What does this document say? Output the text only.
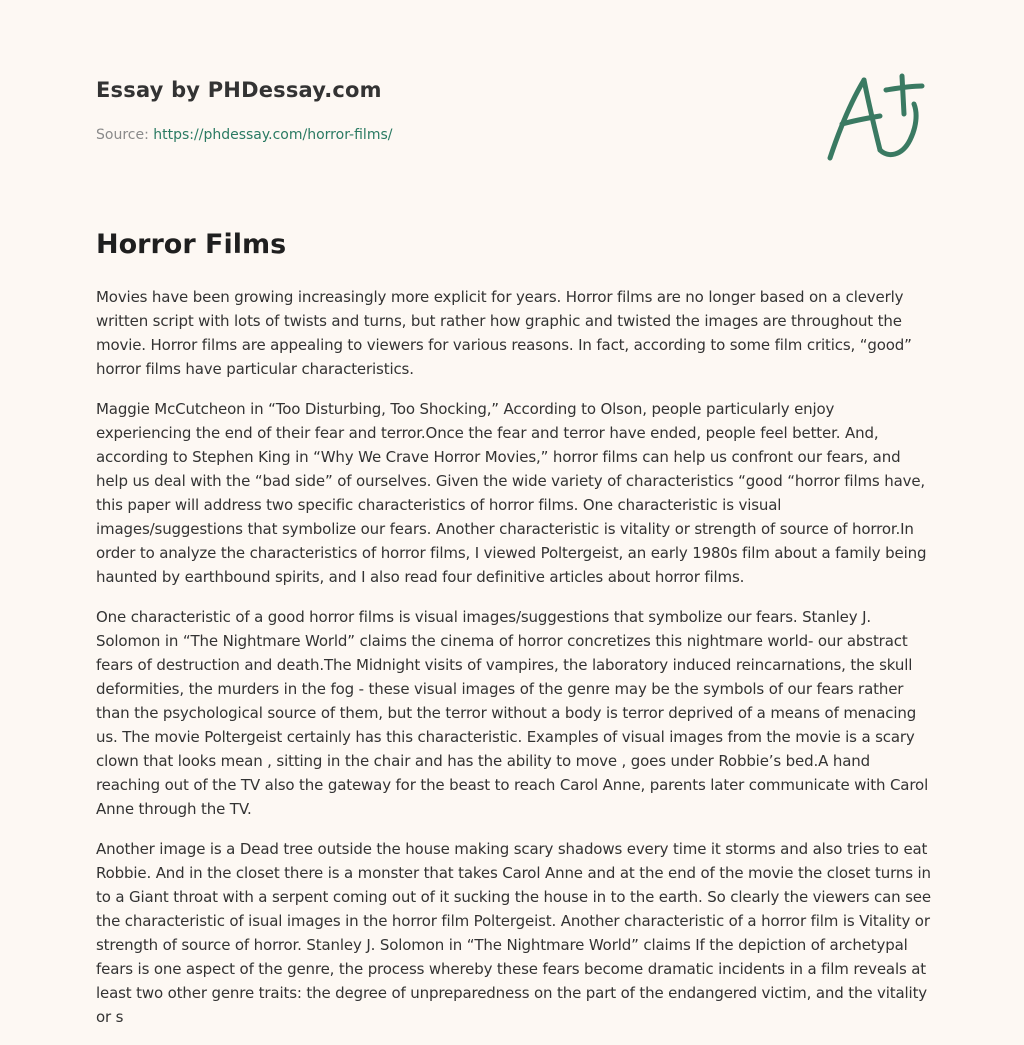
Essay by PHDessay.com
Source: https://phdessay.com/horror-films/
Horror Films

Movies have been growing increasingly more explicit for years. Horror films are no longer based on a cleverly written script with lots of twists and turns, but rather how graphic and twisted the images are throughout the movie. Horror films are appealing to viewers for various reasons. In fact, according to some film critics, “good” horror films have particular characteristics.

Maggie McCutcheon in “Too Disturbing, Too Shocking,” According to Olson, people particularly enjoy experiencing the end of their fear and terror.Once the fear and terror have ended, people feel better. And, according to Stephen King in “Why We Crave Horror Movies,” horror films can help us confront our fears, and help us deal with the “bad side” of ourselves. Given the wide variety of characteristics “good “horror films have, this paper will address two specific characteristics of horror films. One characteristic is visual images/suggestions that symbolize our fears. Another characteristic is vitality or strength of source of horror.In order to analyze the characteristics of horror films, I viewed Poltergeist, an early 1980s film about a family being haunted by earthbound spirits, and I also read four definitive articles about horror films.

One characteristic of a good horror films is visual images/suggestions that symbolize our fears. Stanley J. Solomon in “The Nightmare World” claims the cinema of horror concretizes this nightmare world- our abstract fears of destruction and death.The Midnight visits of vampires, the laboratory induced reincarnations, the skull deformities, the murders in the fog - these visual images of the genre may be the symbols of our fears rather than the psychological source of them, but the terror without a body is terror deprived of a means of menacing us. The movie Poltergeist certainly has this characteristic. Examples of visual images from the movie is a scary clown that looks mean , sitting in the chair and has the ability to move , goes under Robbie’s bed.A hand reaching out of the TV also the gateway for the beast to reach Carol Anne, parents later communicate with Carol Anne through the TV.

Another image is a Dead tree outside the house making scary shadows every time it storms and also tries to eat Robbie. And in the closet there is a monster that takes Carol Anne and at the end of the movie the closet turns in to a Giant throat with a serpent coming out of it sucking the house in to the earth. So clearly the viewers can see the characteristic of isual images in the horror film Poltergeist. Another characteristic of a horror film is Vitality or strength of source of horror. Stanley J. Solomon in “The Nightmare World” claims If the depiction of archetypal fears is one aspect of the genre, the process whereby these fears become dramatic incidents in a film reveals at least two other genre traits: the degree of unpreparedness on the part of the endangered victim, and the vitality or s
